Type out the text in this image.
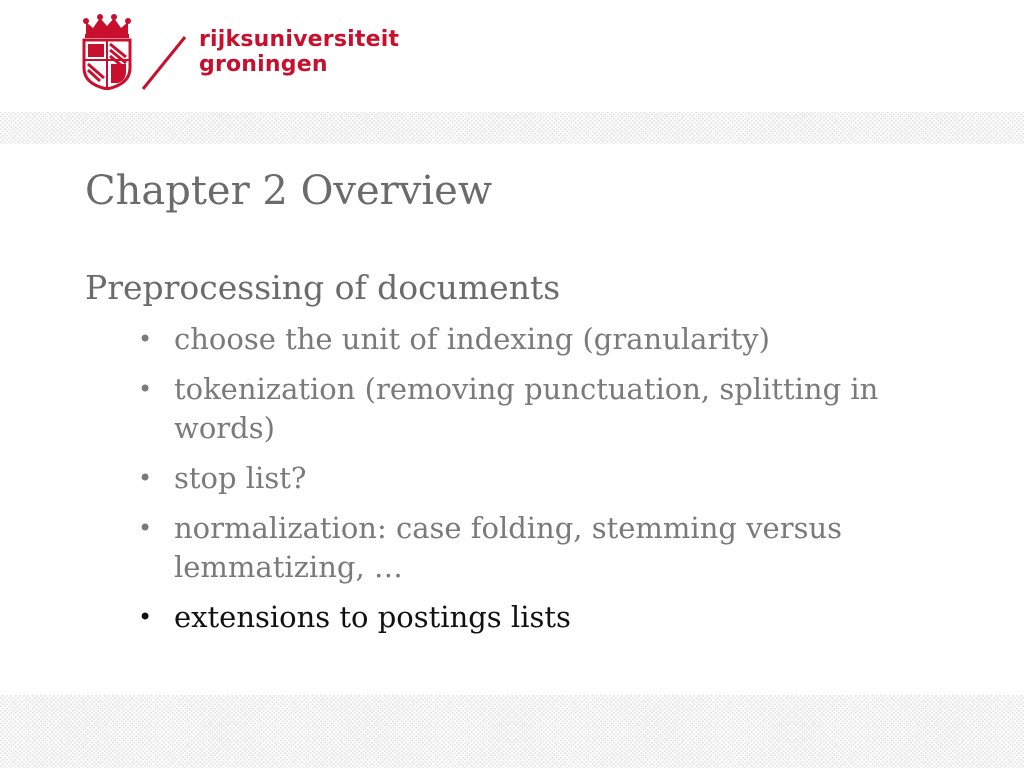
rijksuniversiteit
groningen
Chapter 2 Overview
Preprocessing of documents
• choose the unit of indexing (granularity)
• tokenization (removing punctuation, splitting in words)
• stop list?
• normalization: case folding, stemming versus lemmatizing, …
• extensions to postings lists
